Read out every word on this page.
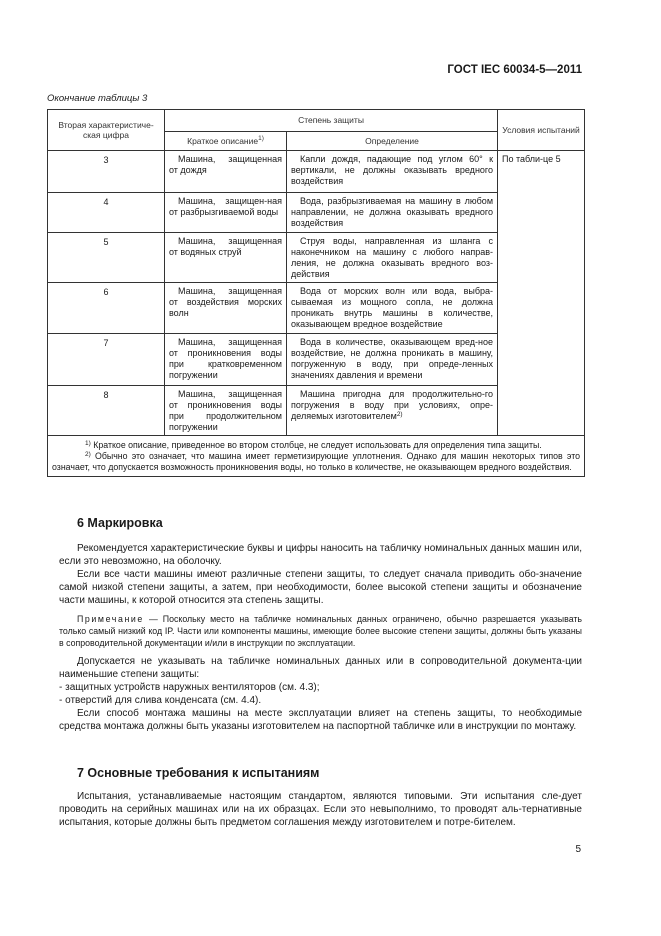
ГОСТ IEC 60034-5—2011
Окончание таблицы 3
Вторая характеристиче-ская цифра	Степень защиты		Условия испытаний
	Краткое описание$^{1)}$	Определение	
3	Машина, защищенная от дождя	Капли дождя, падающие под углом 60° к вертикали, не должны оказывать вредного воздействия	По табли-це 5
4	Машина, защищен-ная от разбрызгиваемой воды	Вода, разбрызгиваемая на машину в любом направлении, не должна оказывать вредного воздействия	
5	Машина, защищенная от водяных струй	Струя воды, направленная из шланга с наконечником на машину с любого направ-ления, не должна оказывать вредного воз-действия	
6	Машина, защищенная от воздействия морских волн	Вода от морских волн или вода, выбра-сываемая из мощного сопла, не должна проникать внутрь машины в количестве, оказывающем вредное воздействие	
7	Машина, защищенная от проникновения воды при кратковременном погружении	Вода в количестве, оказывающем вред-ное воздействие, не должна проникать в машину, погруженную в воду, при опреде-ленных значениях давления и времени	
8	Машина, защищенная от проникновения воды при продолжительном погружении	Машина пригодна для продолжительно-го погружения в воду при условиях, опре-деляемых изготовителем$^{2)}$

$^{1)}$ Краткое описание, приведенное во втором столбце, не следует использовать для определения типа защиты.

$^{2)}$ Обычно это означает, что машина имеет герметизирующие уплотнения. Однако для машин некоторых типов это означает, что допускается возможность проникновения воды, но только в количестве, не оказывающем вредного воздействия.			

6 Маркировка

Рекомендуется характеристические буквы и цифры наносить на табличку номинальных данных машин или, если это невозможно, на оболочку.

Если все части машины имеют различные степени защиты, то следует сначала приводить обо-значение самой низкой степени защиты, а затем, при необходимости, более высокой степени защиты и обозначение части машины, к которой относится эта степень защиты.

Примечание — Поскольку место на табличке номинальных данных ограничено, обычно разрешается указывать только самый низкий код IP. Части или компоненты машины, имеющие более высокие степени защиты, должны быть указаны в сопроводительной документации и/или в инструкции по эксплуатации.

Допускается не указывать на табличке номинальных данных или в сопроводительной документа-ции наименьшие степени защиты:

- защитных устройств наружных вентиляторов (см. 4.3);

- отверстий для слива конденсата (см. 4.4).

Если способ монтажа машины на месте эксплуатации влияет на степень защиты, то необходимые средства монтажа должны быть указаны изготовителем на паспортной табличке или в инструкции по монтажу.

7 Основные требования к испытаниям

Испытания, устанавливаемые настоящим стандартом, являются типовыми. Эти испытания сле-дует проводить на серийных машинах или на их образцах. Если это невыполнимо, то проводят аль-тернативные испытания, которые должны быть предметом соглашения между изготовителем и потре-бителем.

5
